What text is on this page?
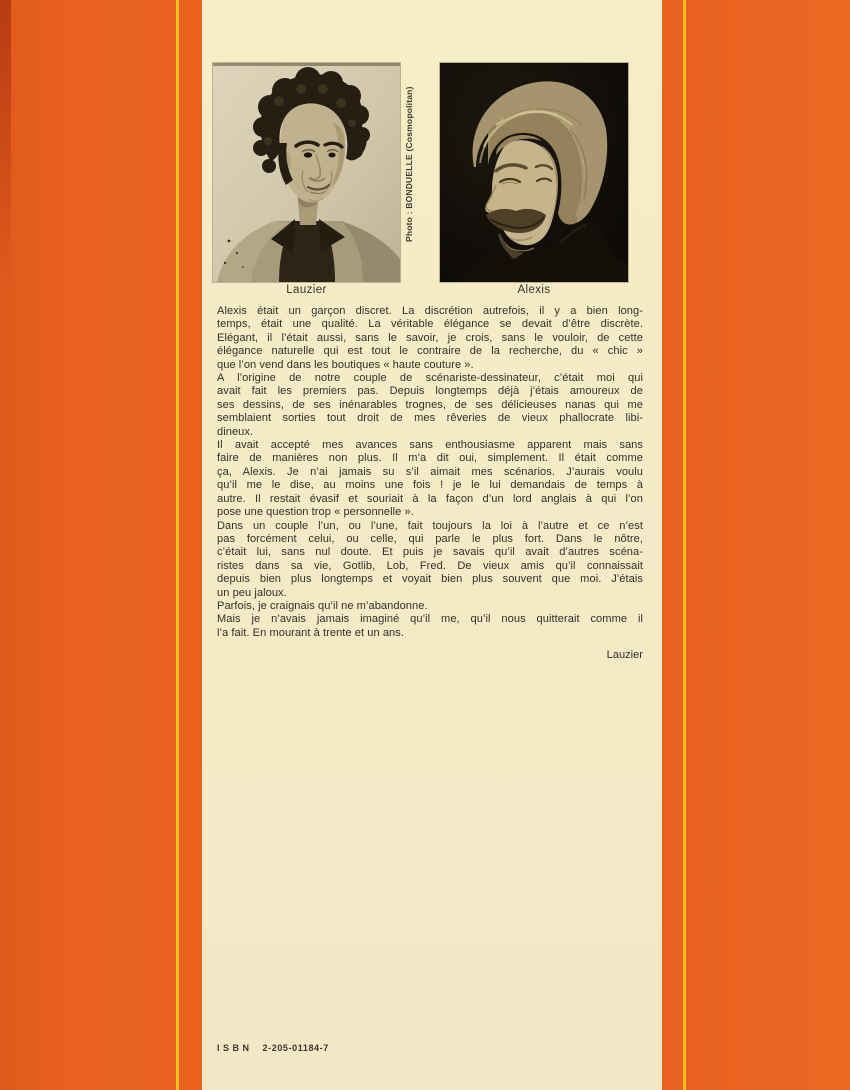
Photo : BONDUELLE (Cosmopolitan)
Lauzier	Alexis
Alexis était un garçon discret. La discrétion autrefois, il y a bien long-
temps, était une qualité. La véritable élégance se devait d’être discrète.
Elégant, il l’était aussi, sans le savoir, je crois, sans le vouloir, de cette
élégance naturelle qui est tout le contraire de la recherche, du « chic »
que l’on vend dans les boutiques « haute couture ».
A l’origine de notre couple de scénariste-dessinateur, c’était moi qui
avait fait les premiers pas. Depuis longtemps déjà j’étais amoureux de
ses dessins, de ses inénarables trognes, de ses délicieuses nanas qui me
semblaient sorties tout droit de mes rêveries de vieux phallocrate libi-
dineux.
Il avait accepté mes avances sans enthousiasme apparent mais sans
faire de manières non plus. Il m’a dit oui, simplement. Il était comme
ça, Alexis. Je n’ai jamais su s’il aimait mes scénarios. J’aurais voulu
qu’il me le dise, au moins une fois ! je le lui demandais de temps à
autre. Il restait évasif et souriait à la façon d’un lord anglais à qui l’on
pose une question trop « personnelle ».
Dans un couple l’un, ou l’une, fait toujours la loi à l’autre et ce n’est
pas forcément celui, ou celle, qui parle le plus fort. Dans le nôtre,
c’était lui, sans nul doute. Et puis je savais qu’il avait d’autres scéna-
ristes dans sa vie, Gotlib, Lob, Fred. De vieux amis qu’il connaissait
depuis bien plus longtemps et voyait bien plus souvent que moi. J’étais
un peu jaloux.
Parfois, je craignais qu’il ne m’abandonne.
Mais je n’avais jamais imaginé qu’il me, qu’il nous quitterait comme il
l’a fait. En mourant à trente et un ans.
Lauzier
ISBN 2-205-01184-7
